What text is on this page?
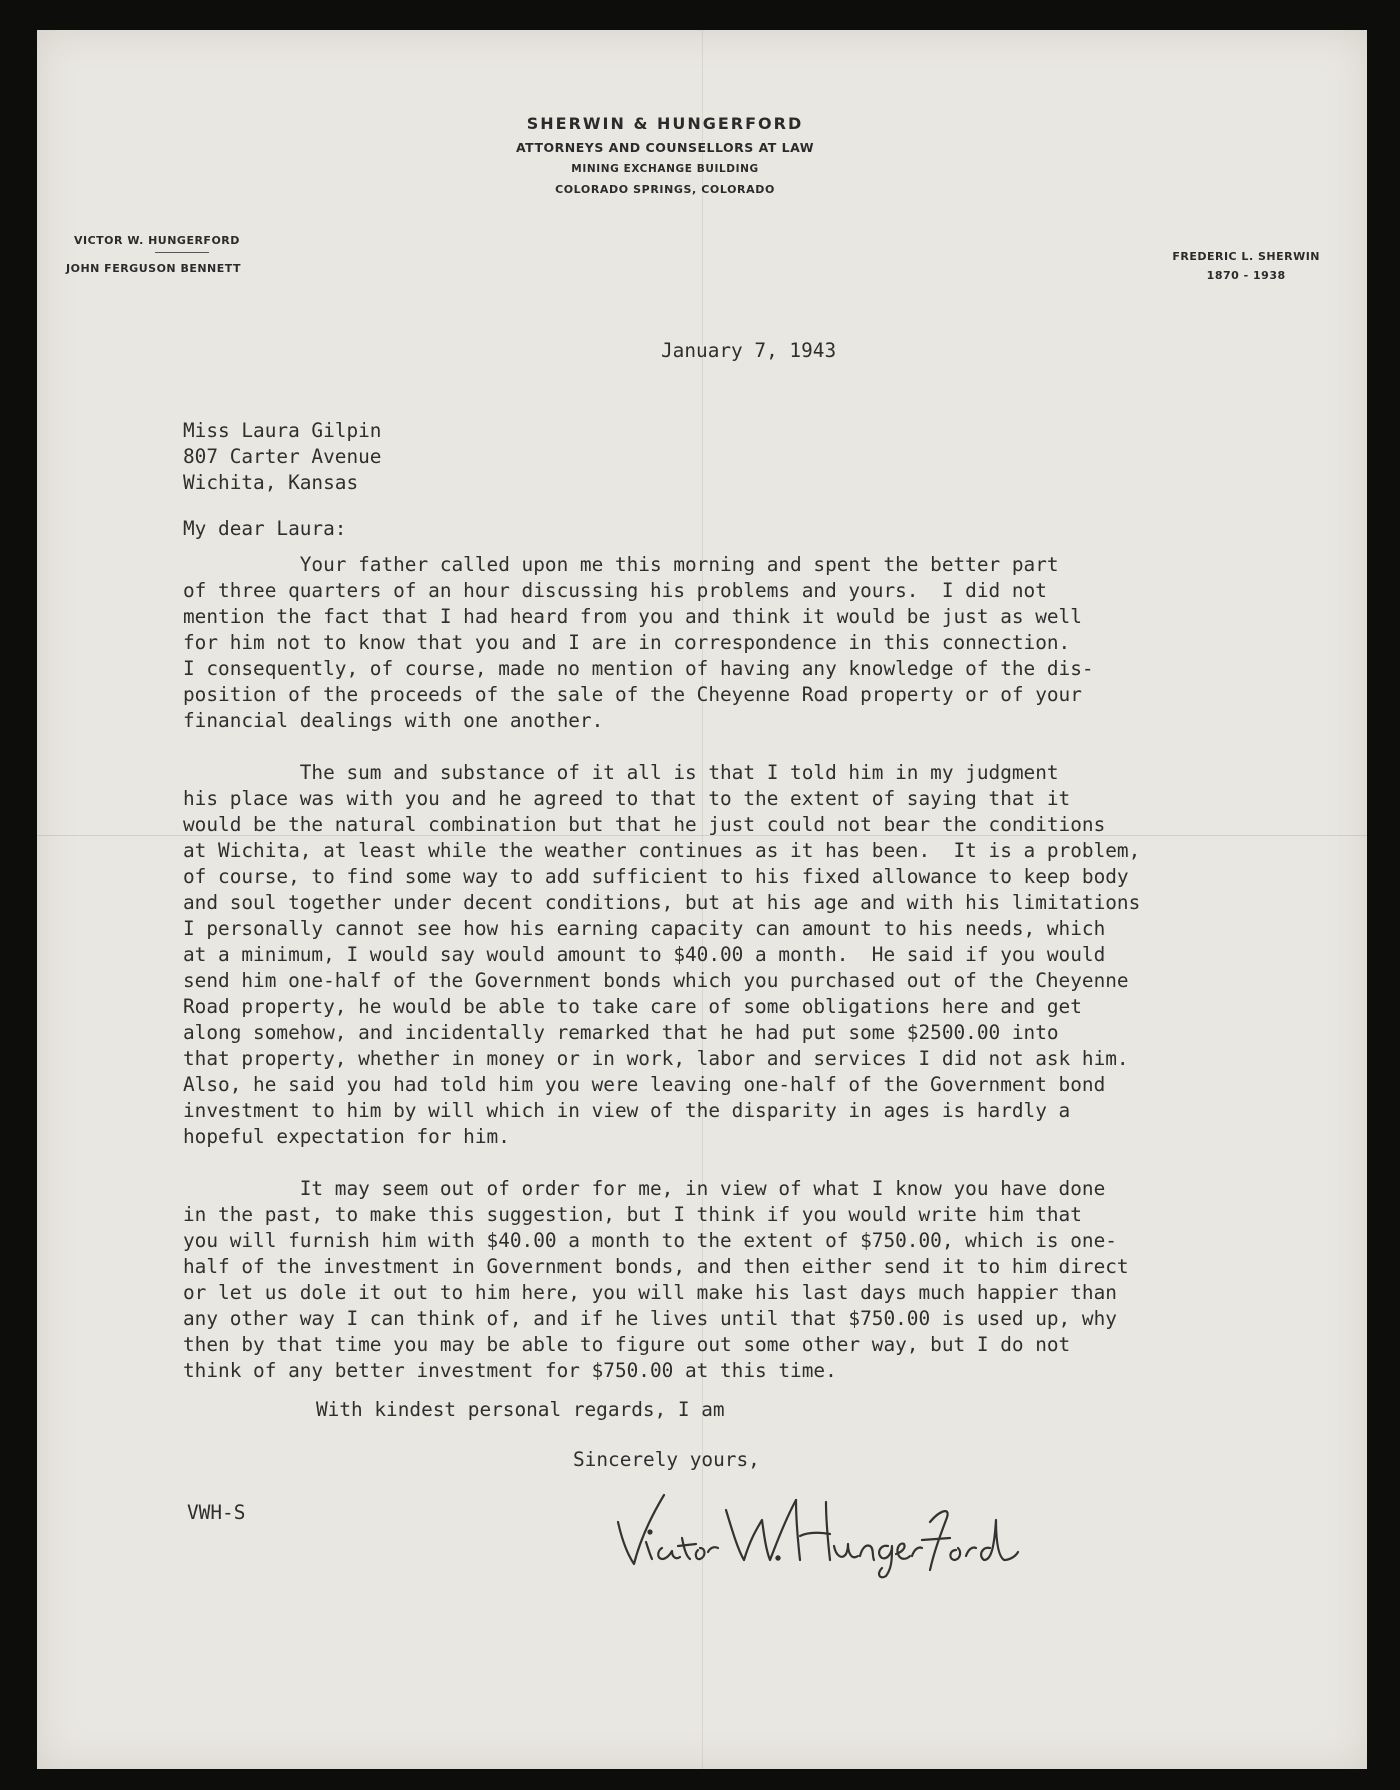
SHERWIN & HUNGERFORD
ATTORNEYS AND COUNSELLORS AT LAW
MINING EXCHANGE BUILDING
COLORADO SPRINGS, COLORADO
VICTOR W. HUNGERFORD
JOHN FERGUSON BENNETT
FREDERIC L. SHERWIN
1870 - 1938
January 7, 1943
Miss Laura Gilpin
807 Carter Avenue
Wichita, Kansas
My dear Laura:
Your father called upon me this morning and spent the better part
of three quarters of an hour discussing his problems and yours.  I did not
mention the fact that I had heard from you and think it would be just as well
for him not to know that you and I are in correspondence in this connection.
I consequently, of course, made no mention of having any knowledge of the dis-
position of the proceeds of the sale of the Cheyenne Road property or of your
financial dealings with one another.
The sum and substance of it all is that I told him in my judgment
his place was with you and he agreed to that to the extent of saying that it
would be the natural combination but that he just could not bear the conditions
at Wichita, at least while the weather continues as it has been.  It is a problem,
of course, to find some way to add sufficient to his fixed allowance to keep body
and soul together under decent conditions, but at his age and with his limitations
I personally cannot see how his earning capacity can amount to his needs, which
at a minimum, I would say would amount to $40.00 a month.  He said if you would
send him one-half of the Government bonds which you purchased out of the Cheyenne
Road property, he would be able to take care of some obligations here and get
along somehow, and incidentally remarked that he had put some $2500.00 into
that property, whether in money or in work, labor and services I did not ask him.
Also, he said you had told him you were leaving one-half of the Government bond
investment to him by will which in view of the disparity in ages is hardly a
hopeful expectation for him.
It may seem out of order for me, in view of what I know you have done
in the past, to make this suggestion, but I think if you would write him that
you will furnish him with $40.00 a month to the extent of $750.00, which is one-
half of the investment in Government bonds, and then either send it to him direct
or let us dole it out to him here, you will make his last days much happier than
any other way I can think of, and if he lives until that $750.00 is used up, why
then by that time you may be able to figure out some other way, but I do not
think of any better investment for $750.00 at this time.
With kindest personal regards, I am
Sincerely yours,
VWH-S
